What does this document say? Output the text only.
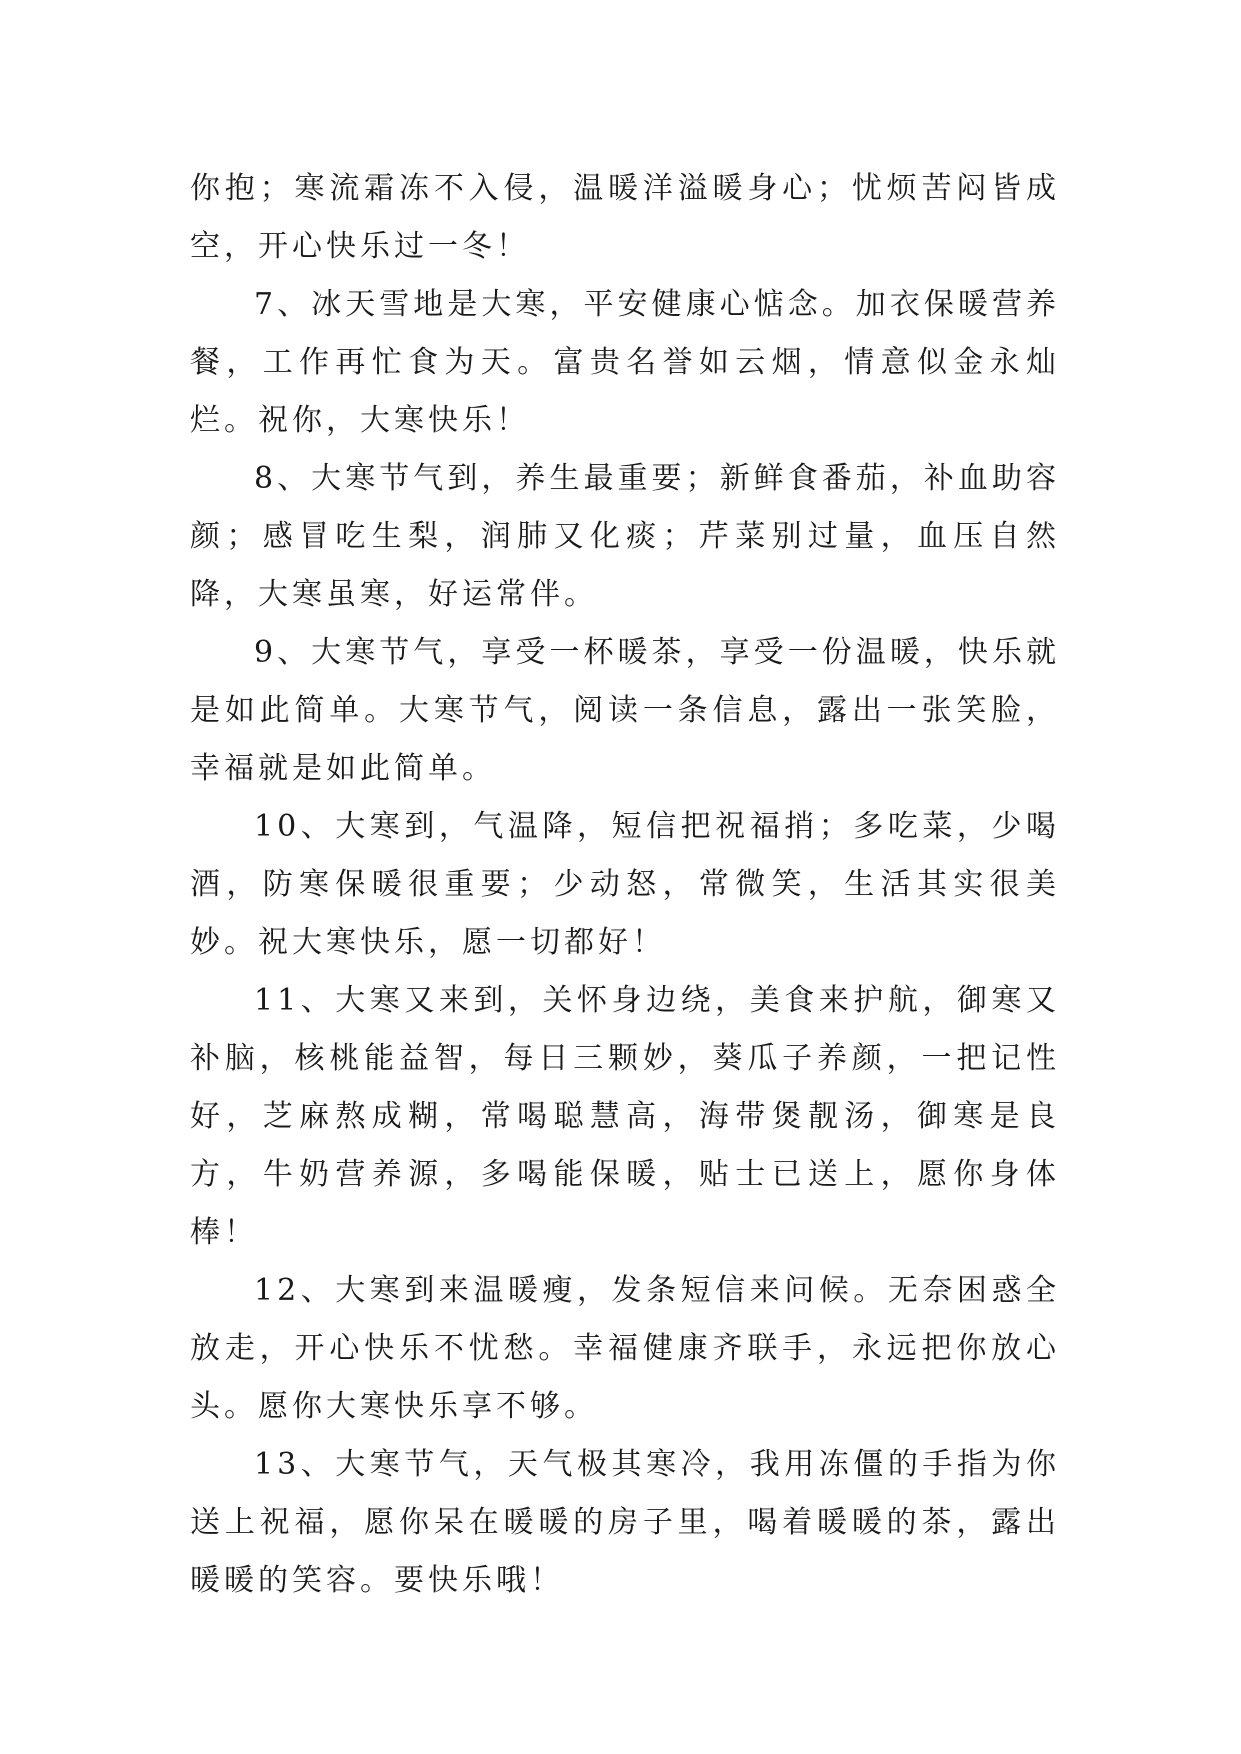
你抱；寒流霜冻不入侵，温暖洋溢暖身心；忧烦苦闷皆成空，开心快乐过一冬！

7、冰天雪地是大寒，平安健康心惦念。加衣保暖营养餐，工作再忙食为天。富贵名誉如云烟，情意似金永灿烂。祝你，大寒快乐！

8、大寒节气到，养生最重要；新鲜食番茄，补血助容颜；感冒吃生梨，润肺又化痰；芹菜别过量，血压自然降，大寒虽寒，好运常伴。

9、大寒节气，享受一杯暖茶，享受一份温暖，快乐就是如此简单。大寒节气，阅读一条信息，露出一张笑脸，幸福就是如此简单。

10、大寒到，气温降，短信把祝福捎；多吃菜，少喝酒，防寒保暖很重要；少动怒，常微笑，生活其实很美妙。祝大寒快乐，愿一切都好！

11、大寒又来到，关怀身边绕，美食来护航，御寒又补脑，核桃能益智，每日三颗妙，葵瓜子养颜，一把记性好，芝麻熬成糊，常喝聪慧高，海带煲靓汤，御寒是良方，牛奶营养源，多喝能保暖，贴士已送上，愿你身体棒！

12、大寒到来温暖瘦，发条短信来问候。无奈困惑全放走，开心快乐不忧愁。幸福健康齐联手，永远把你放心头。愿你大寒快乐享不够。

13、大寒节气，天气极其寒冷，我用冻僵的手指为你送上祝福，愿你呆在暖暖的房子里，喝着暖暖的茶，露出暖暖的笑容。要快乐哦！
